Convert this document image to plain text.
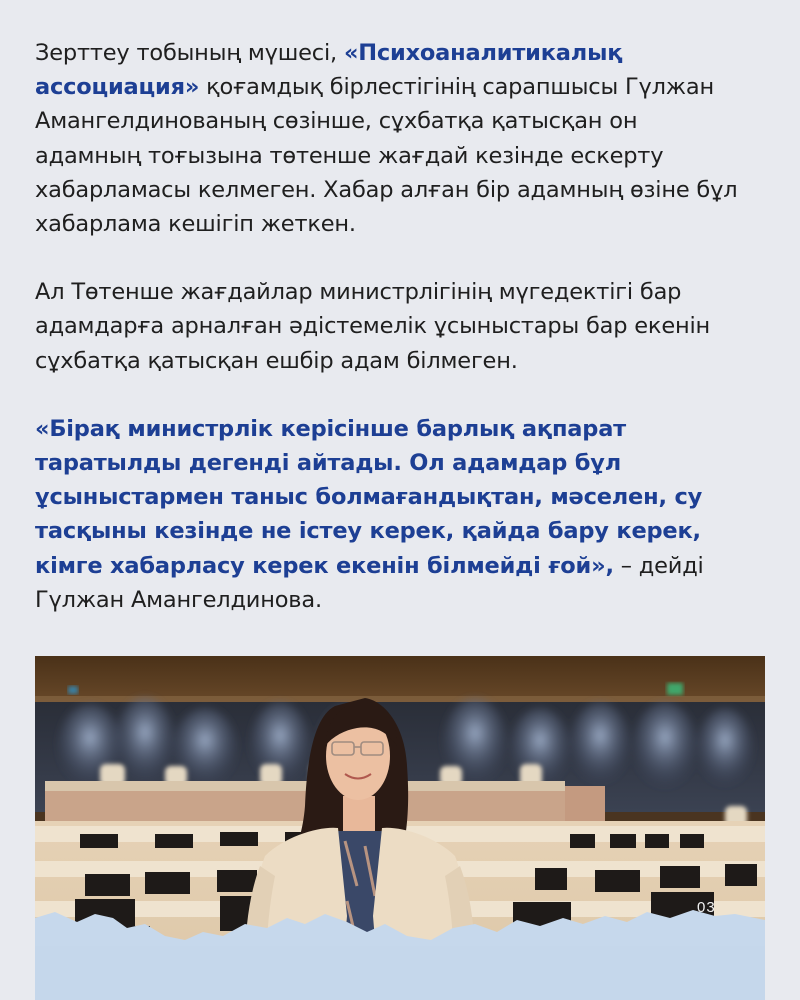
Зерттеу тобының мүшесі, «Психоаналитикалық
ассоциация» қоғамдық бірлестігінің сарапшысы Гүлжан
Амангелдинованың сөзінше, сұхбатқа қатысқан он
адамның тоғызына төтенше жағдай кезінде ескерту
хабарламасы келмеген. Хабар алған бір адамның өзіне бұл
хабарлама кешігіп жеткен.

Ал Төтенше жағдайлар министрлігінің мүгедектігі бар
адамдарға арналған әдістемелік ұсыныстары бар екенін
сұхбатқа қатысқан ешбір адам білмеген.

«Бірақ министрлік керісінше барлық ақпарат
таратылды дегенді айтады. Ол адамдар бұл
ұсыныстармен таныс болмағандықтан, мәселен, су
тасқыны кезінде не істеу керек, қайда бару керек,
кімге хабарласу керек екенін білмейді ғой», – дейді
Гүлжан Амангелдинова.

03
